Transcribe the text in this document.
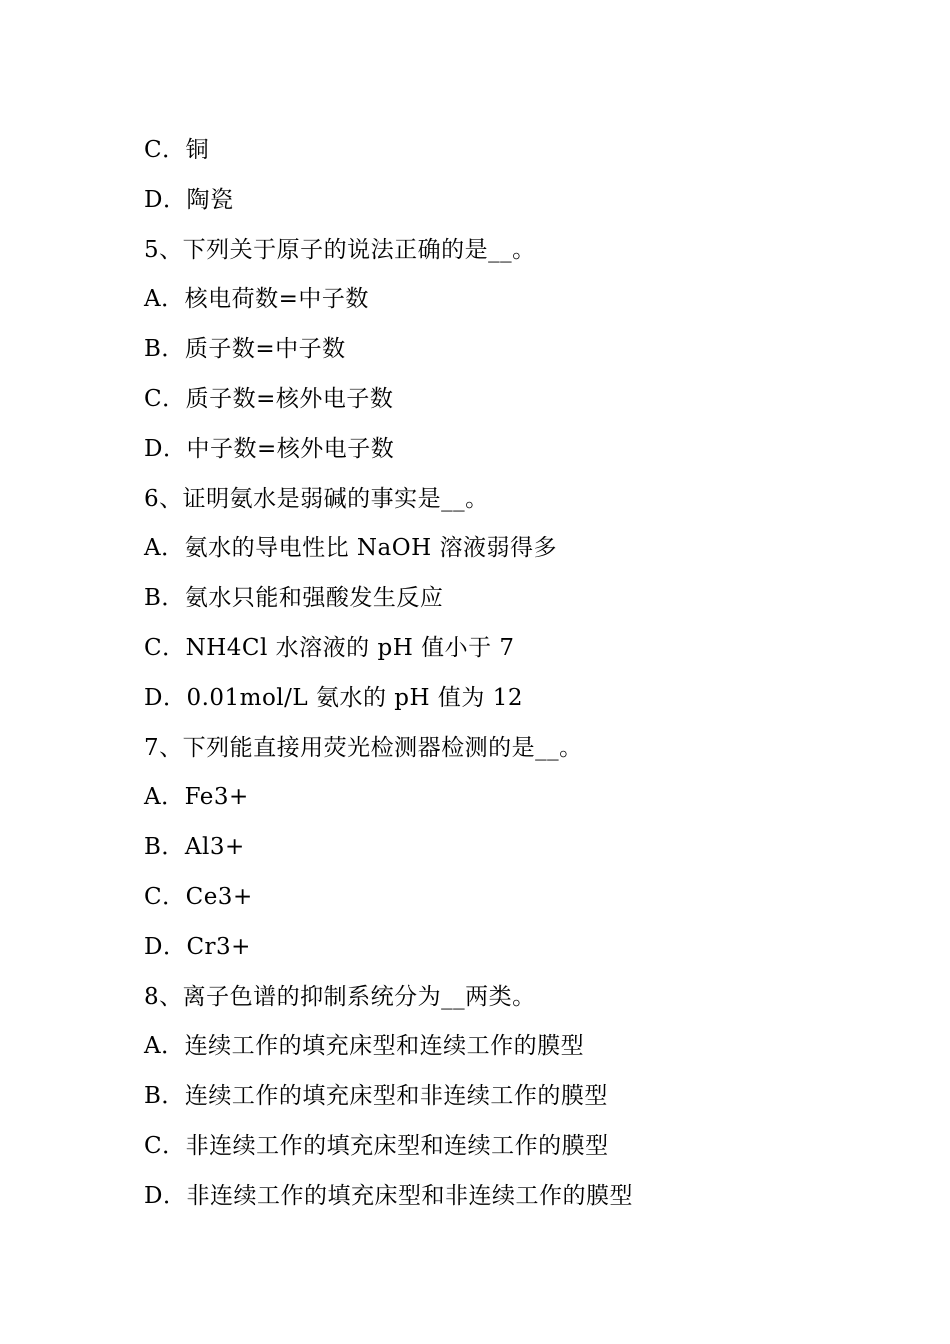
C．铜
D．陶瓷
5、下列关于原子的说法正确的是__。
A．核电荷数=中子数
B．质子数=中子数
C．质子数=核外电子数
D．中子数=核外电子数
6、证明氨水是弱碱的事实是__。
A．氨水的导电性比 NaOH 溶液弱得多
B．氨水只能和强酸发生反应
C．NH4Cl 水溶液的 pH 值小于 7
D．0.01mol/L 氨水的 pH 值为 12
7、下列能直接用荧光检测器检测的是__。
A．Fe3+
B．Al3+
C．Ce3+
D．Cr3+
8、离子色谱的抑制系统分为__两类。
A．连续工作的填充床型和连续工作的膜型
B．连续工作的填充床型和非连续工作的膜型
C．非连续工作的填充床型和连续工作的膜型
D．非连续工作的填充床型和非连续工作的膜型
